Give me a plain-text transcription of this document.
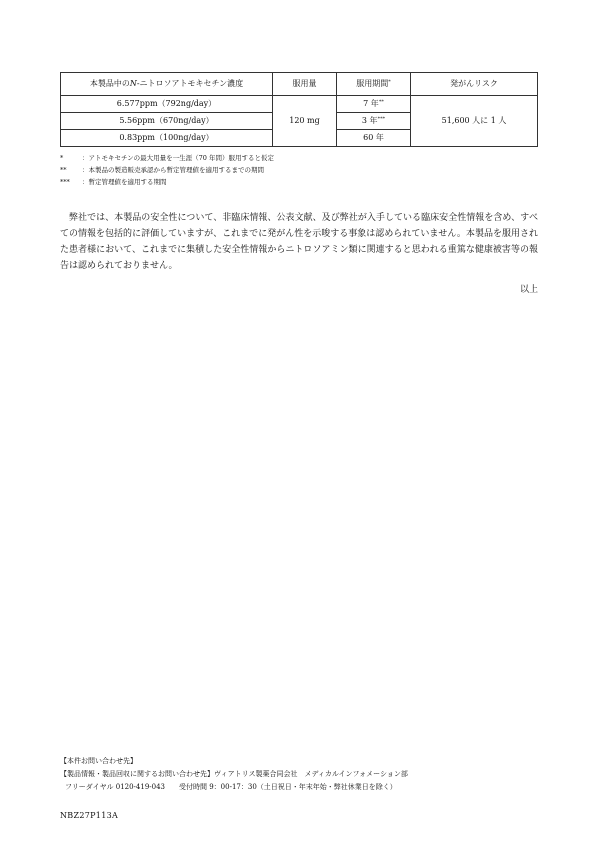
本製品中のN-ニトロソアトモキセチン濃度	服用量	服用期間*	発がんリスク
6.577ppm（792ng/day）	120 mg	7 年**	51,600 人に 1 人
5.56ppm（670ng/day）		3 年***
0.83ppm（100ng/day）		60 年	
*	：アトモキセチンの最大用量を一生涯（70 年間）服用すると仮定
** ：本製品の製造販売承認から暫定管理値を適用するまでの期間
*** ：暫定管理値を適用する期間

弊社では、本製品の安全性について、非臨床情報、公表文献、及び弊社が入手している臨床安全性情報を含め、すべての情報を包括的に評価していますが、これまでに発がん性を示唆する事象は認められていません。本製品を服用された患者様において、これまでに集積した安全性情報からニトロソアミン類に関連すると思われる重篤な健康被害等の報告は認められておりません。

以上
【本件お問い合わせ先】
【製品情報・製品回収に関するお問い合わせ先】ヴィアトリス製薬合同会社　メディカルインフォメーション部
フリーダイヤル 0120-419-043　　受付時間 9：00-17：30（土日祝日・年末年始・弊社休業日を除く）
NBZ27P113A
